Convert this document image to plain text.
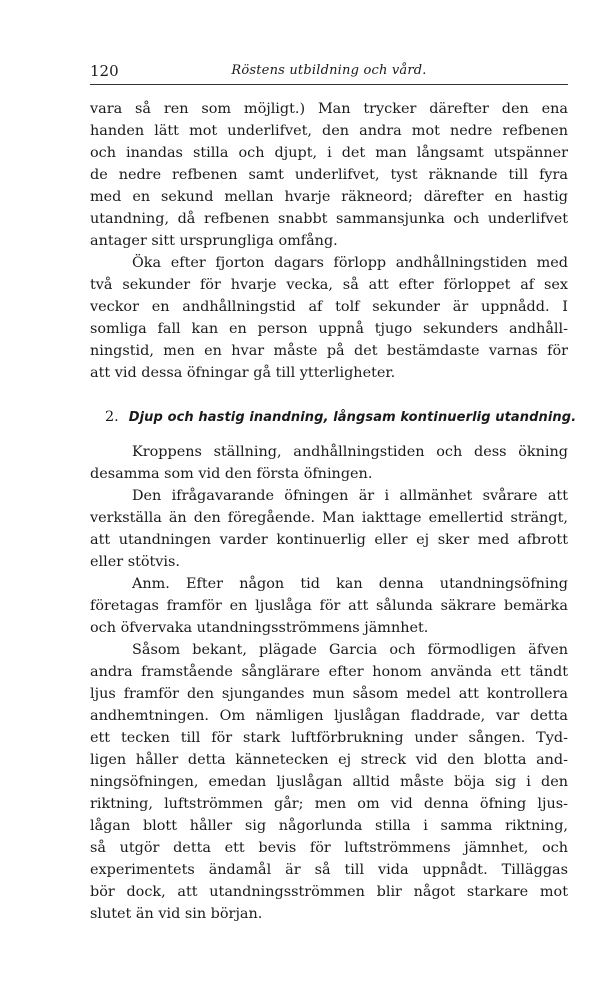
120	Röstens utbildning och vård.
vara så ren som möjligt.) Man trycker därefter den ena
handen lätt mot underlifvet, den andra mot nedre refbenen
och inandas stilla och djupt, i det man långsamt utspänner
de nedre refbenen samt underlifvet, tyst räknande till fyra
med en sekund mellan hvarje räkneord; därefter en hastig
utandning, då refbenen snabbt sammansjunka och underlifvet
antager sitt ursprungliga omfång.
Öka efter fjorton dagars förlopp andhållningstiden med
två sekunder för hvarje vecka, så att efter förloppet af sex
veckor en andhållningstid af tolf sekunder är uppnådd. I
somliga fall kan en person uppnå tjugo sekunders andhåll-
ningstid, men en hvar måste på det bestämdaste varnas för
att vid dessa öfningar gå till ytterligheter.
2. Djup och hastig inandning, långsam kontinuerlig utandning.
Kroppens ställning, andhållningstiden och dess ökning
desamma som vid den första öfningen.
Den ifrågavarande öfningen är i allmänhet svårare att
verkställa än den föregående. Man iakttage emellertid strängt,
att utandningen varder kontinuerlig eller ej sker med afbrott
eller stötvis.
Anm. Efter någon tid kan denna utandningsöfning
företagas framför en ljuslåga för att sålunda säkrare bemärka
och öfvervaka utandningsströmmens jämnhet.
Såsom bekant, plägade Garcia och förmodligen äfven
andra framstående sånglärare efter honom använda ett tändt
ljus framför den sjungandes mun såsom medel att kontrollera
andhemtningen. Om nämligen ljuslågan fladdrade, var detta
ett tecken till för stark luftförbrukning under sången. Tyd-
ligen håller detta kännetecken ej streck vid den blotta and-
ningsöfningen, emedan ljuslågan alltid måste böja sig i den
riktning, luftströmmen går; men om vid denna öfning ljus-
lågan blott håller sig någorlunda stilla i samma riktning,
så utgör detta ett bevis för luftströmmens jämnhet, och
experimentets ändamål är så till vida uppnådt. Tilläggas
bör dock, att utandningsströmmen blir något starkare mot
slutet än vid sin början.
